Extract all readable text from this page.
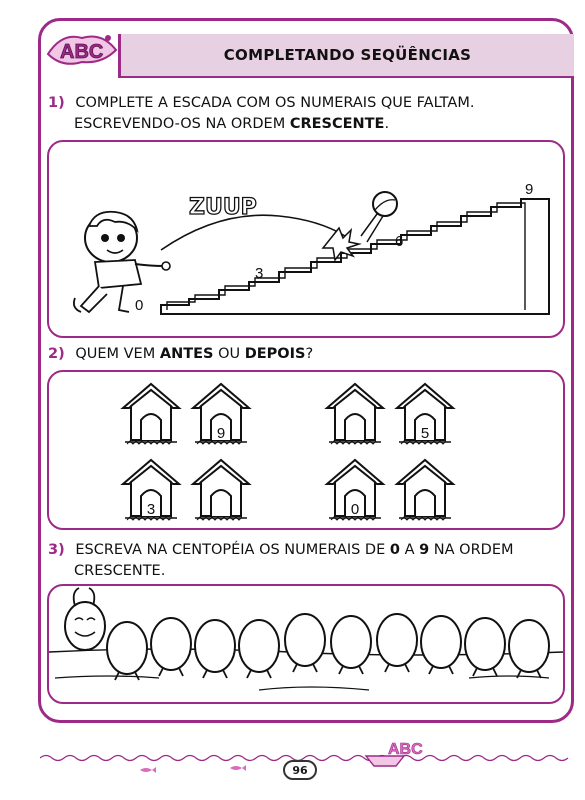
ABC	COMPLETANDO SEQÜÊNCIAS
1) COMPLETE A ESCADA COM OS NUMERAIS QUE FALTAM.
ESCREVENDO-OS NA ORDEM CRESCENTE.
ZUUP
0
3
6
9
2) QUEM VEM ANTES OU DEPOIS?
9	5
3	0
3) ESCREVA NA CENTOPÉIA OS NUMERAIS DE 0 A 9 NA ORDEM
CRESCENTE.
ABC
96
